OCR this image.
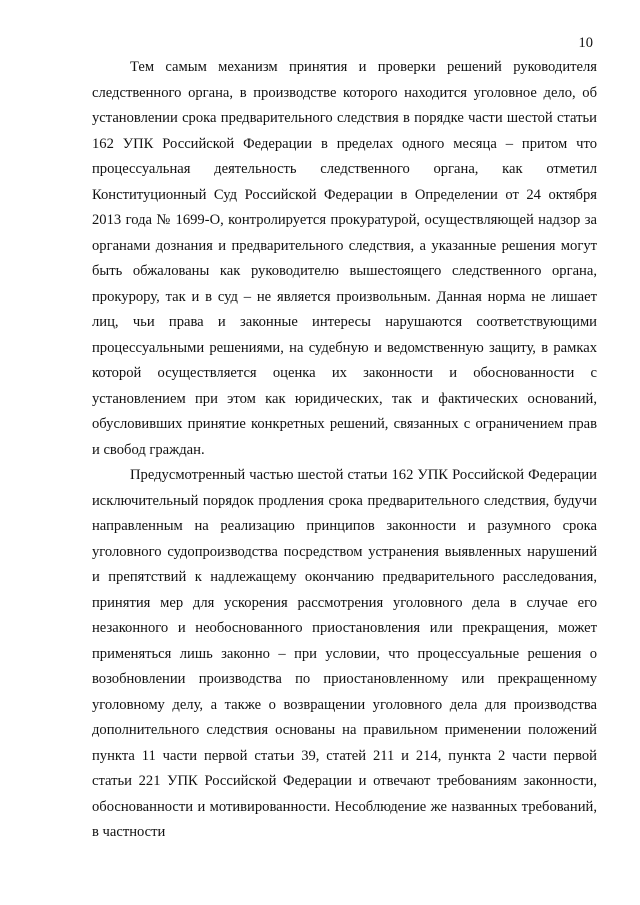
10

Тем самым механизм принятия и проверки решений руководителя следственного органа, в производстве которого находится уголовное дело, об установлении срока предварительного следствия в порядке части шестой статьи 162 УПК Российской Федерации в пределах одного месяца – притом что процессуальная деятельность следственного органа, как отметил Конституционный Суд Российской Федерации в Определении от 24 октября 2013 года № 1699-О, контролируется прокуратурой, осуществляющей надзор за органами дознания и предварительного следствия, а указанные решения могут быть обжалованы как руководителю вышестоящего следственного органа, прокурору, так и в суд – не является произвольным. Данная норма не лишает лиц, чьи права и законные интересы нарушаются соответствующими процессуальными решениями, на судебную и ведомственную защиту, в рамках которой осуществляется оценка их законности и обоснованности с установлением при этом как юридических, так и фактических оснований, обусловивших принятие конкретных решений, связанных с ограничением прав и свобод граждан.

Предусмотренный частью шестой статьи 162 УПК Российской Федерации исключительный порядок продления срока предварительного следствия, будучи направленным на реализацию принципов законности и разумного срока уголовного судопроизводства посредством устранения выявленных нарушений и препятствий к надлежащему окончанию предварительного расследования, принятия мер для ускорения рассмотрения уголовного дела в случае его незаконного и необоснованного приостановления или прекращения, может применяться лишь законно – при условии, что процессуальные решения о возобновлении производства по приостановленному или прекращенному уголовному делу, а также о возвращении уголовного дела для производства дополнительного следствия основаны на правильном применении положений пункта 11 части первой статьи 39, статей 211 и 214, пункта 2 части первой статьи 221 УПК Российской Федерации и отвечают требованиям законности, обоснованности и мотивированности. Несоблюдение же названных требований, в частности
